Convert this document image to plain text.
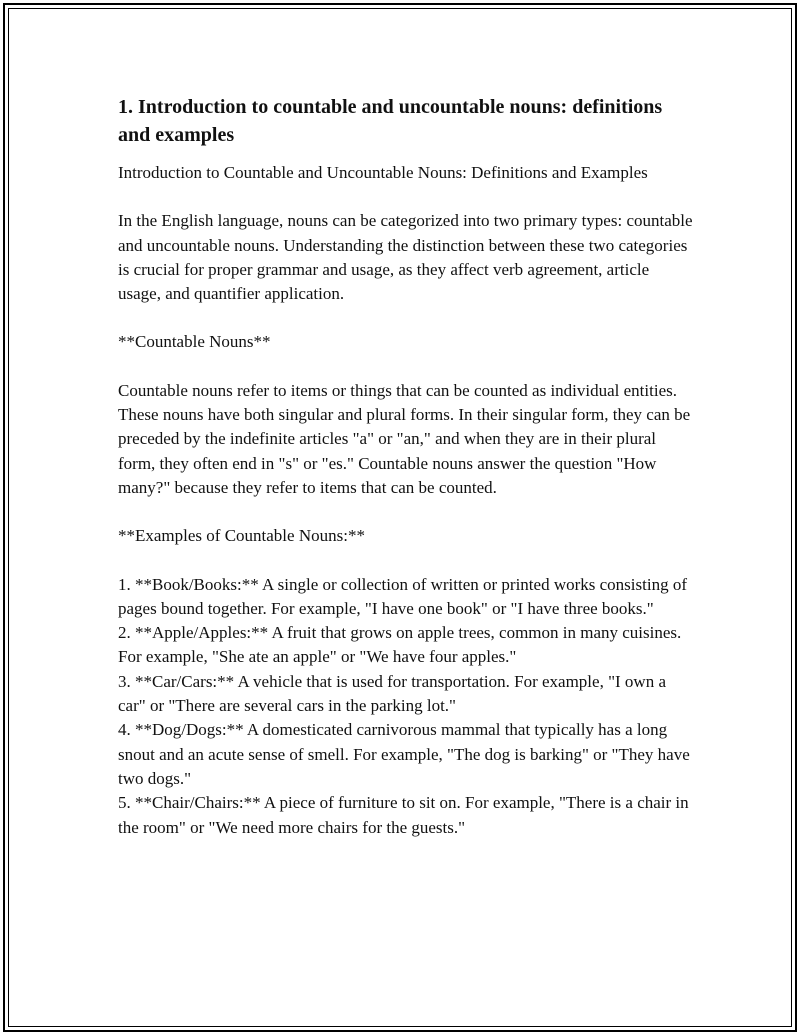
1. Introduction to countable and uncountable nouns: definitions and examples

Introduction to Countable and Uncountable Nouns: Definitions and Examples

In the English language, nouns can be categorized into two primary types: countable and uncountable nouns. Understanding the distinction between these two categories is crucial for proper grammar and usage, as they affect verb agreement, article usage, and quantifier application.

**Countable Nouns**

Countable nouns refer to items or things that can be counted as individual entities. These nouns have both singular and plural forms. In their singular form, they can be preceded by the indefinite articles "a" or "an," and when they are in their plural form, they often end in "s" or "es." Countable nouns answer the question "How many?" because they refer to items that can be counted.

**Examples of Countable Nouns:**

1. **Book/Books:** A single or collection of written or printed works consisting of pages bound together. For example, "I have one book" or "I have three books."

2. **Apple/Apples:** A fruit that grows on apple trees, common in many cuisines. For example, "She ate an apple" or "We have four apples."

3. **Car/Cars:** A vehicle that is used for transportation. For example, "I own a car" or "There are several cars in the parking lot."

4. **Dog/Dogs:** A domesticated carnivorous mammal that typically has a long snout and an acute sense of smell. For example, "The dog is barking" or "They have two dogs."

5. **Chair/Chairs:** A piece of furniture to sit on. For example, "There is a chair in the room" or "We need more chairs for the guests."
